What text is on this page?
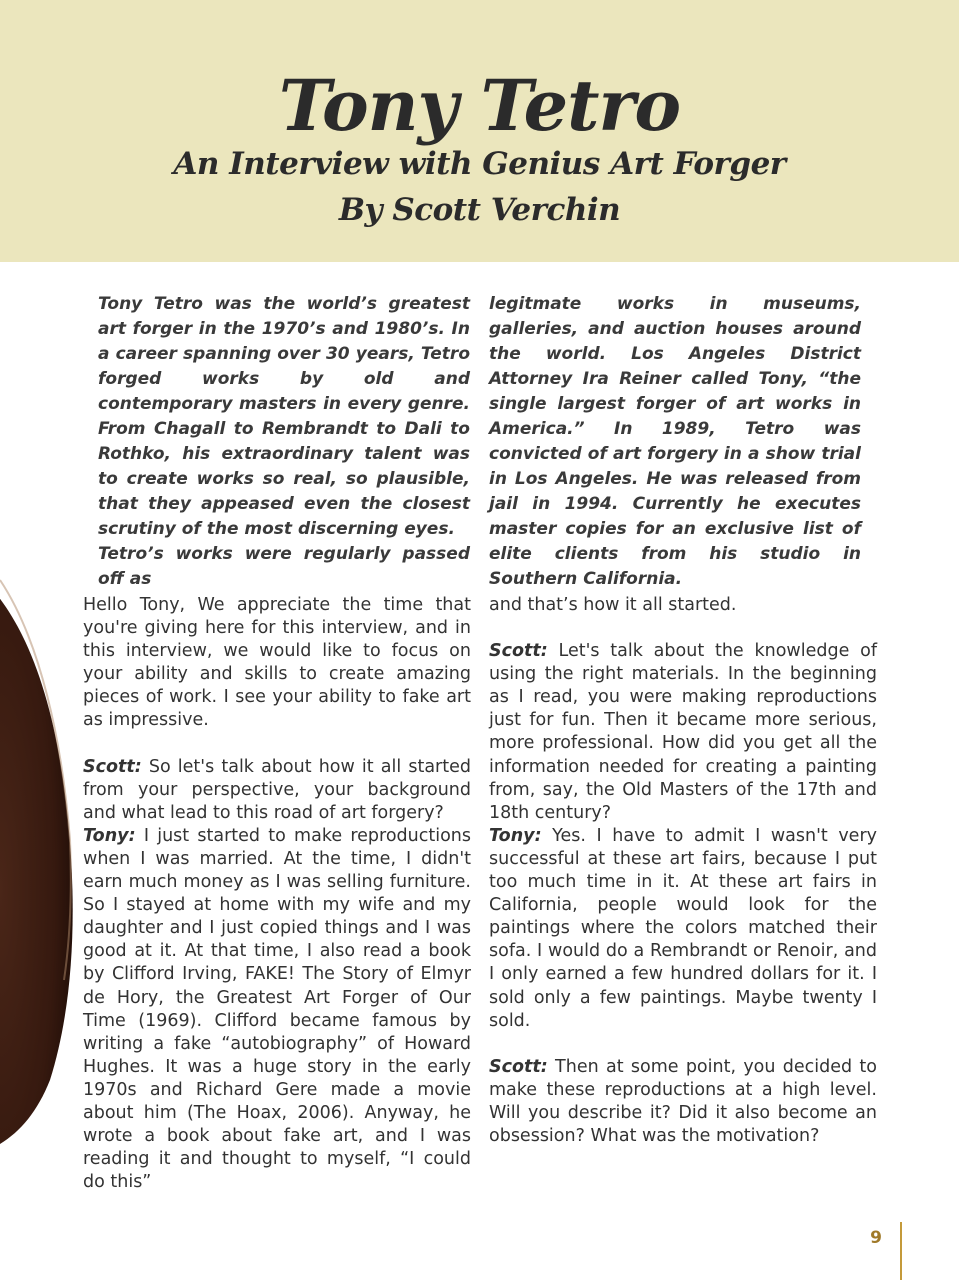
Tony Tetro
An Interview with Genius Art Forger
By Scott Verchin

Tony Tetro was the world’s greatest art forger in the 1970’s and 1980’s. In a career spanning over 30 years, Tetro forged works by old and contemporary masters in every genre. From Chagall to Rembrandt to Dali to Rothko, his extraordinary talent was to create works so real, so plausible, that they appeased even the closest scrutiny of the most discerning eyes.

Tetro’s works were regularly passed off as

legitmate works in museums, galleries, and auction houses around the world. Los Angeles District Attorney Ira Reiner called Tony, “the single largest forger of art works in America.” In 1989, Tetro was convicted of art forgery in a show trial in Los Angeles. He was released from jail in 1994. Currently he executes master copies for an exclusive list of elite clients from his studio in Southern California.

Hello Tony, We appreciate the time that you're giving here for this interview, and in this interview, we would like to focus on your ability and skills to create amazing pieces of work. I see your ability to fake art as impressive.

Scott: So let's talk about how it all started from your perspective, your background and what lead to this road of art forgery?

Tony: I just started to make reproductions when I was married. At the time, I didn't earn much money as I was selling furniture. So I stayed at home with my wife and my daughter and I just copied things and I was good at it. At that time, I also read a book by Clifford Irving, FAKE! The Story of Elmyr de Hory, the Greatest Art Forger of Our Time (1969). Clifford became famous by writing a fake “autobiography” of Howard Hughes. It was a huge story in the early 1970s and Richard Gere made a movie about him (The Hoax, 2006). Anyway, he wrote a book about fake art, and I was reading it and thought to myself, “I could do this”

and that’s how it all started.

Scott: Let's talk about the knowledge of using the right materials. In the beginning as I read, you were making reproductions just for fun. Then it became more serious, more professional. How did you get all the information needed for creating a painting from, say, the Old Masters of the 17th and 18th century?

Tony: Yes. I have to admit I wasn't very successful at these art fairs, because I put too much time in it. At these art fairs in California, people would look for the paintings where the colors matched their sofa. I would do a Rembrandt or Renoir, and I only earned a few hundred dollars for it. I sold only a few paintings. Maybe twenty I sold.

Scott: Then at some point, you decided to make these reproductions at a high level. Will you describe it? Did it also become an obsession? What was the motivation?

9
